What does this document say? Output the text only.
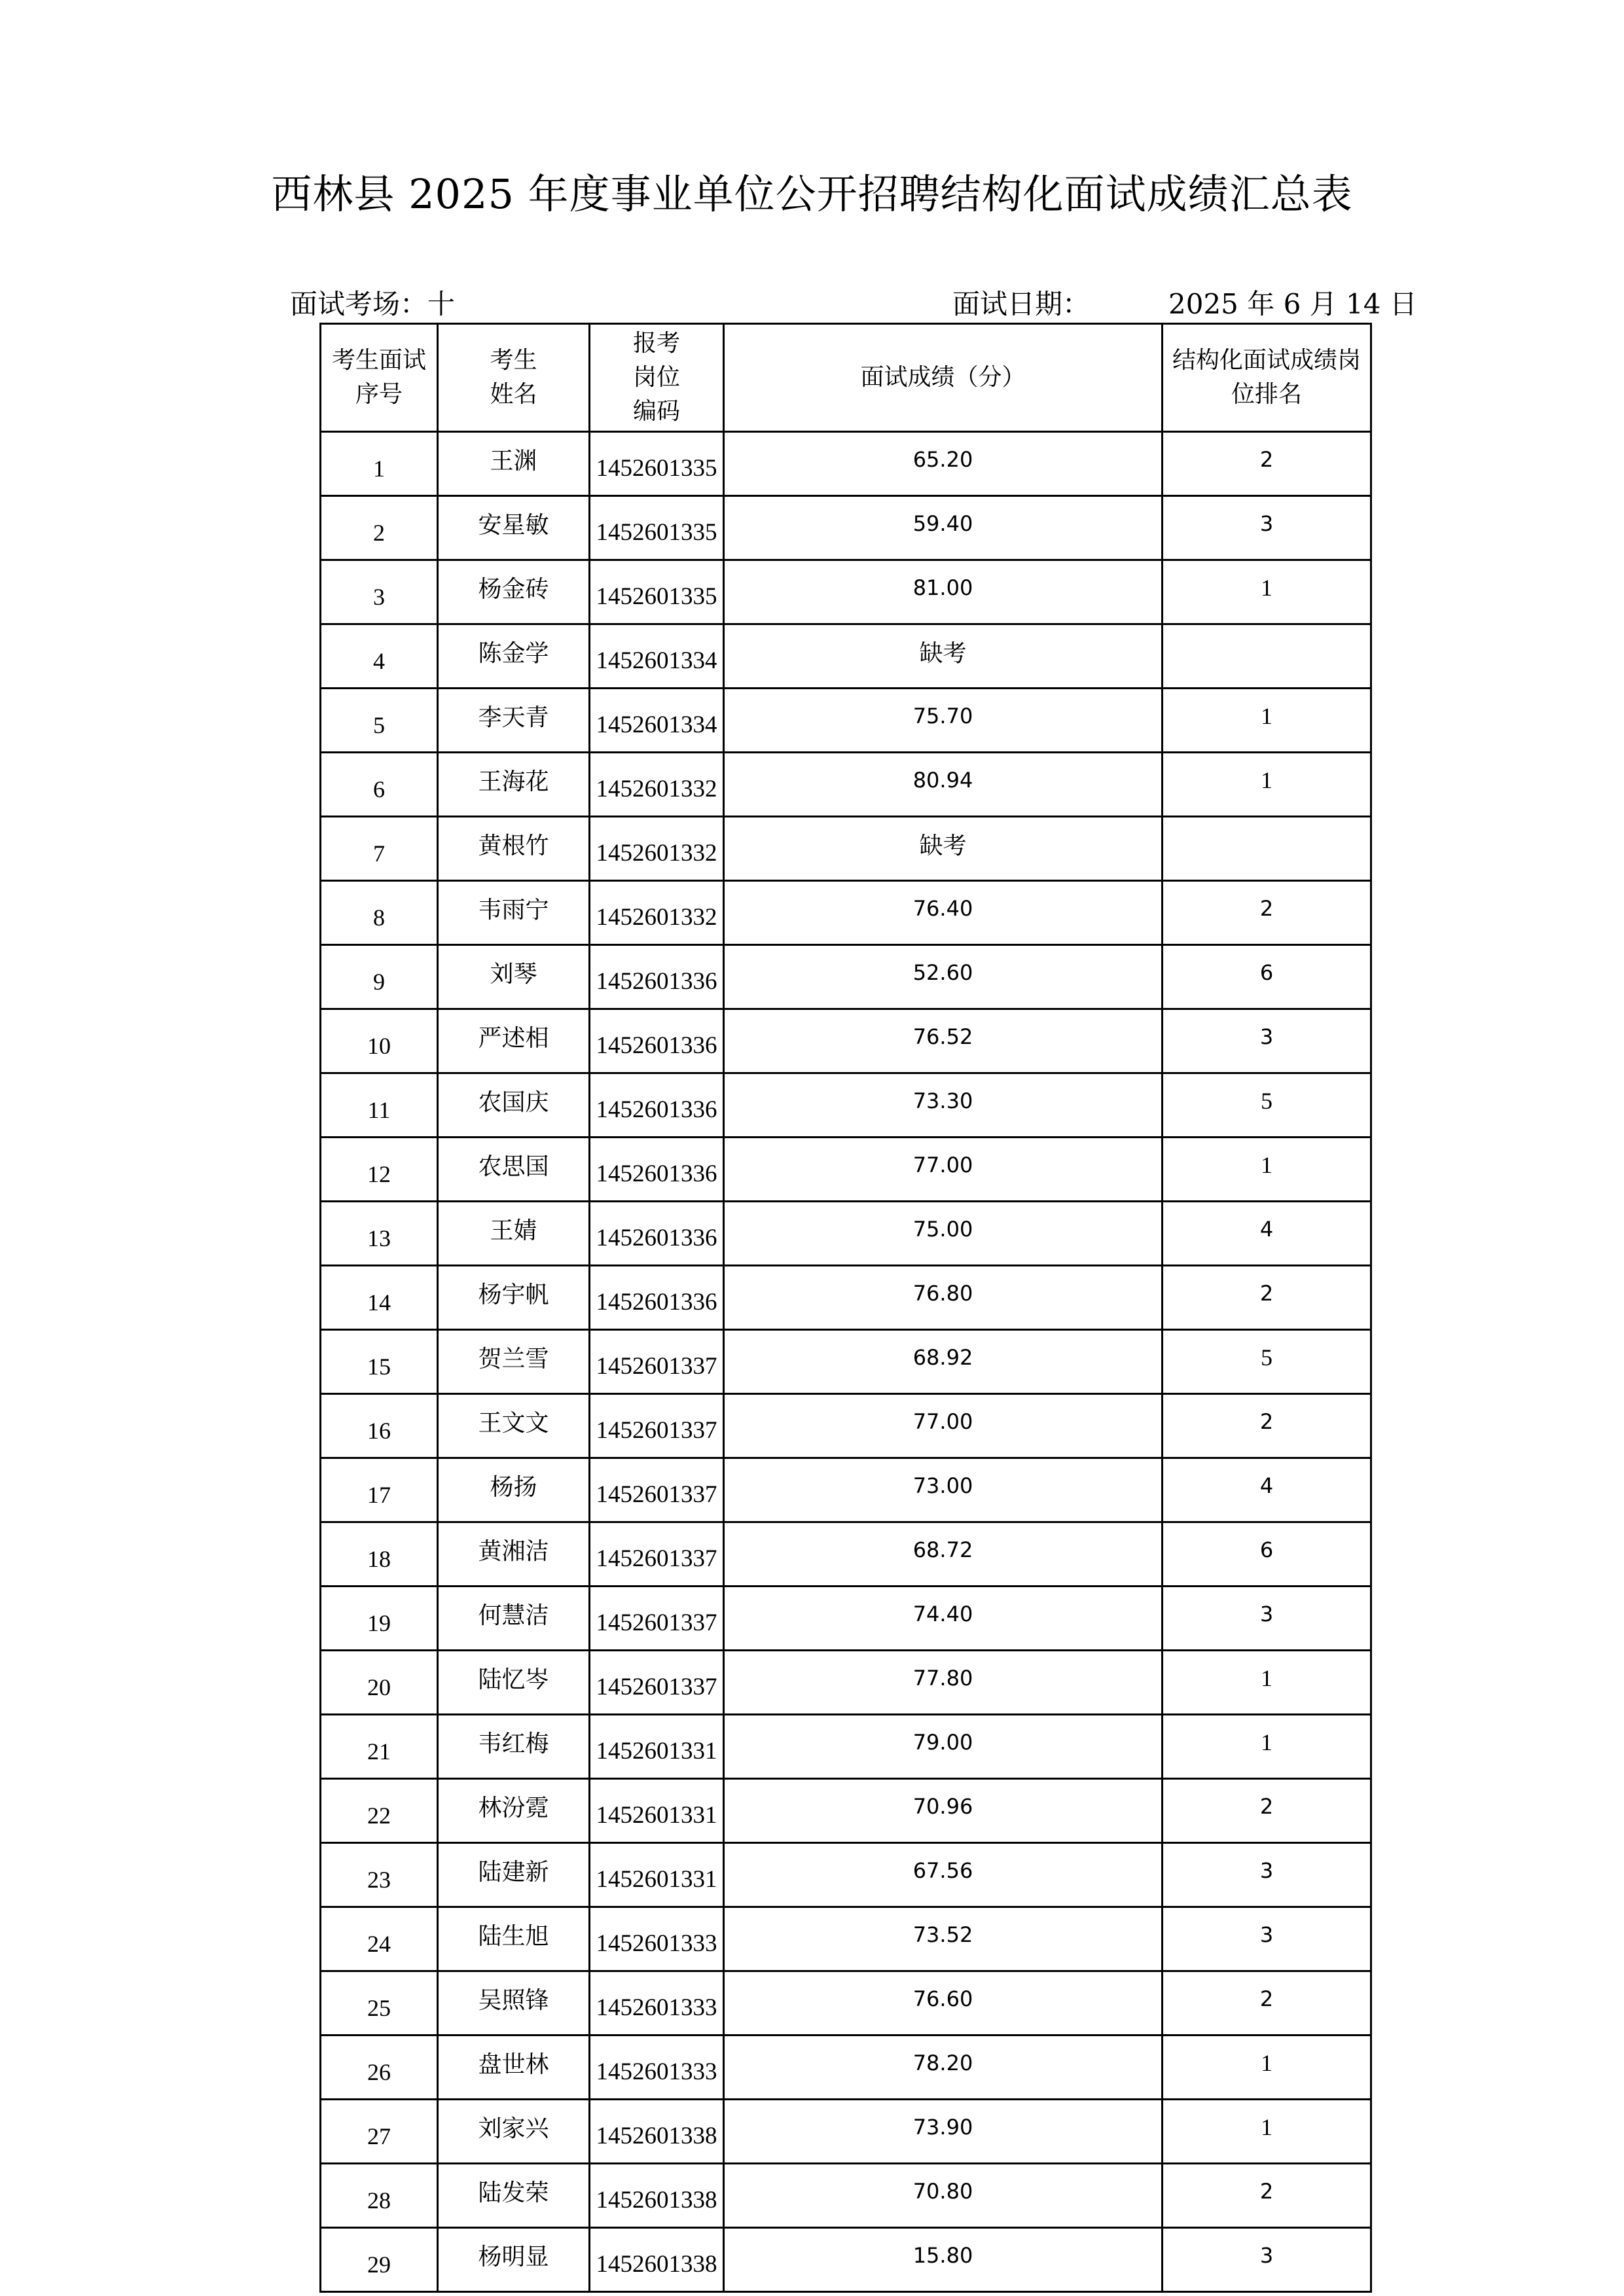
西林县 2025 年度事业单位公开招聘结构化面试成绩汇总表
面试考场：十	面试日期：	2025 年 6 月 14 日
考生面试序号	考生姓名	报考岗位编码	面试成绩（分）	结构化面试成绩岗位排名

1	王渊	1452601335	65.20	2
2	安星敏	1452601335	59.40	3
3	杨金砖	1452601335	81.00	1
4	陈金学	1452601334	缺考	
5	李天青	1452601334	75.70	1
6	王海花	1452601332	80.94	1
7	黄根竹	1452601332	缺考	
8	韦雨宁	1452601332	76.40	2
9	刘琴	1452601336	52.60	6
10	严述相	1452601336	76.52	3
11	农国庆	1452601336	73.30	5
12	农思国	1452601336	77.00	1
13	王婧	1452601336	75.00	4
14	杨宇帆	1452601336	76.80	2
15	贺兰雪	1452601337	68.92	5
16	王文文	1452601337	77.00	2
17	杨扬	1452601337	73.00	4
18	黄湘洁	1452601337	68.72	6
19	何慧洁	1452601337	74.40	3
20	陆忆岑	1452601337	77.80	1
21	韦红梅	1452601331	79.00	1
22	林汾霓	1452601331	70.96	2
23	陆建新	1452601331	67.56	3
24	陆生旭	1452601333	73.52	3
25	吴照锋	1452601333	76.60	2
26	盘世林	1452601333	78.20	1
27	刘家兴	1452601338	73.90	1
28	陆发荣	1452601338	70.80	2
29	杨明显	1452601338	15.80	3
